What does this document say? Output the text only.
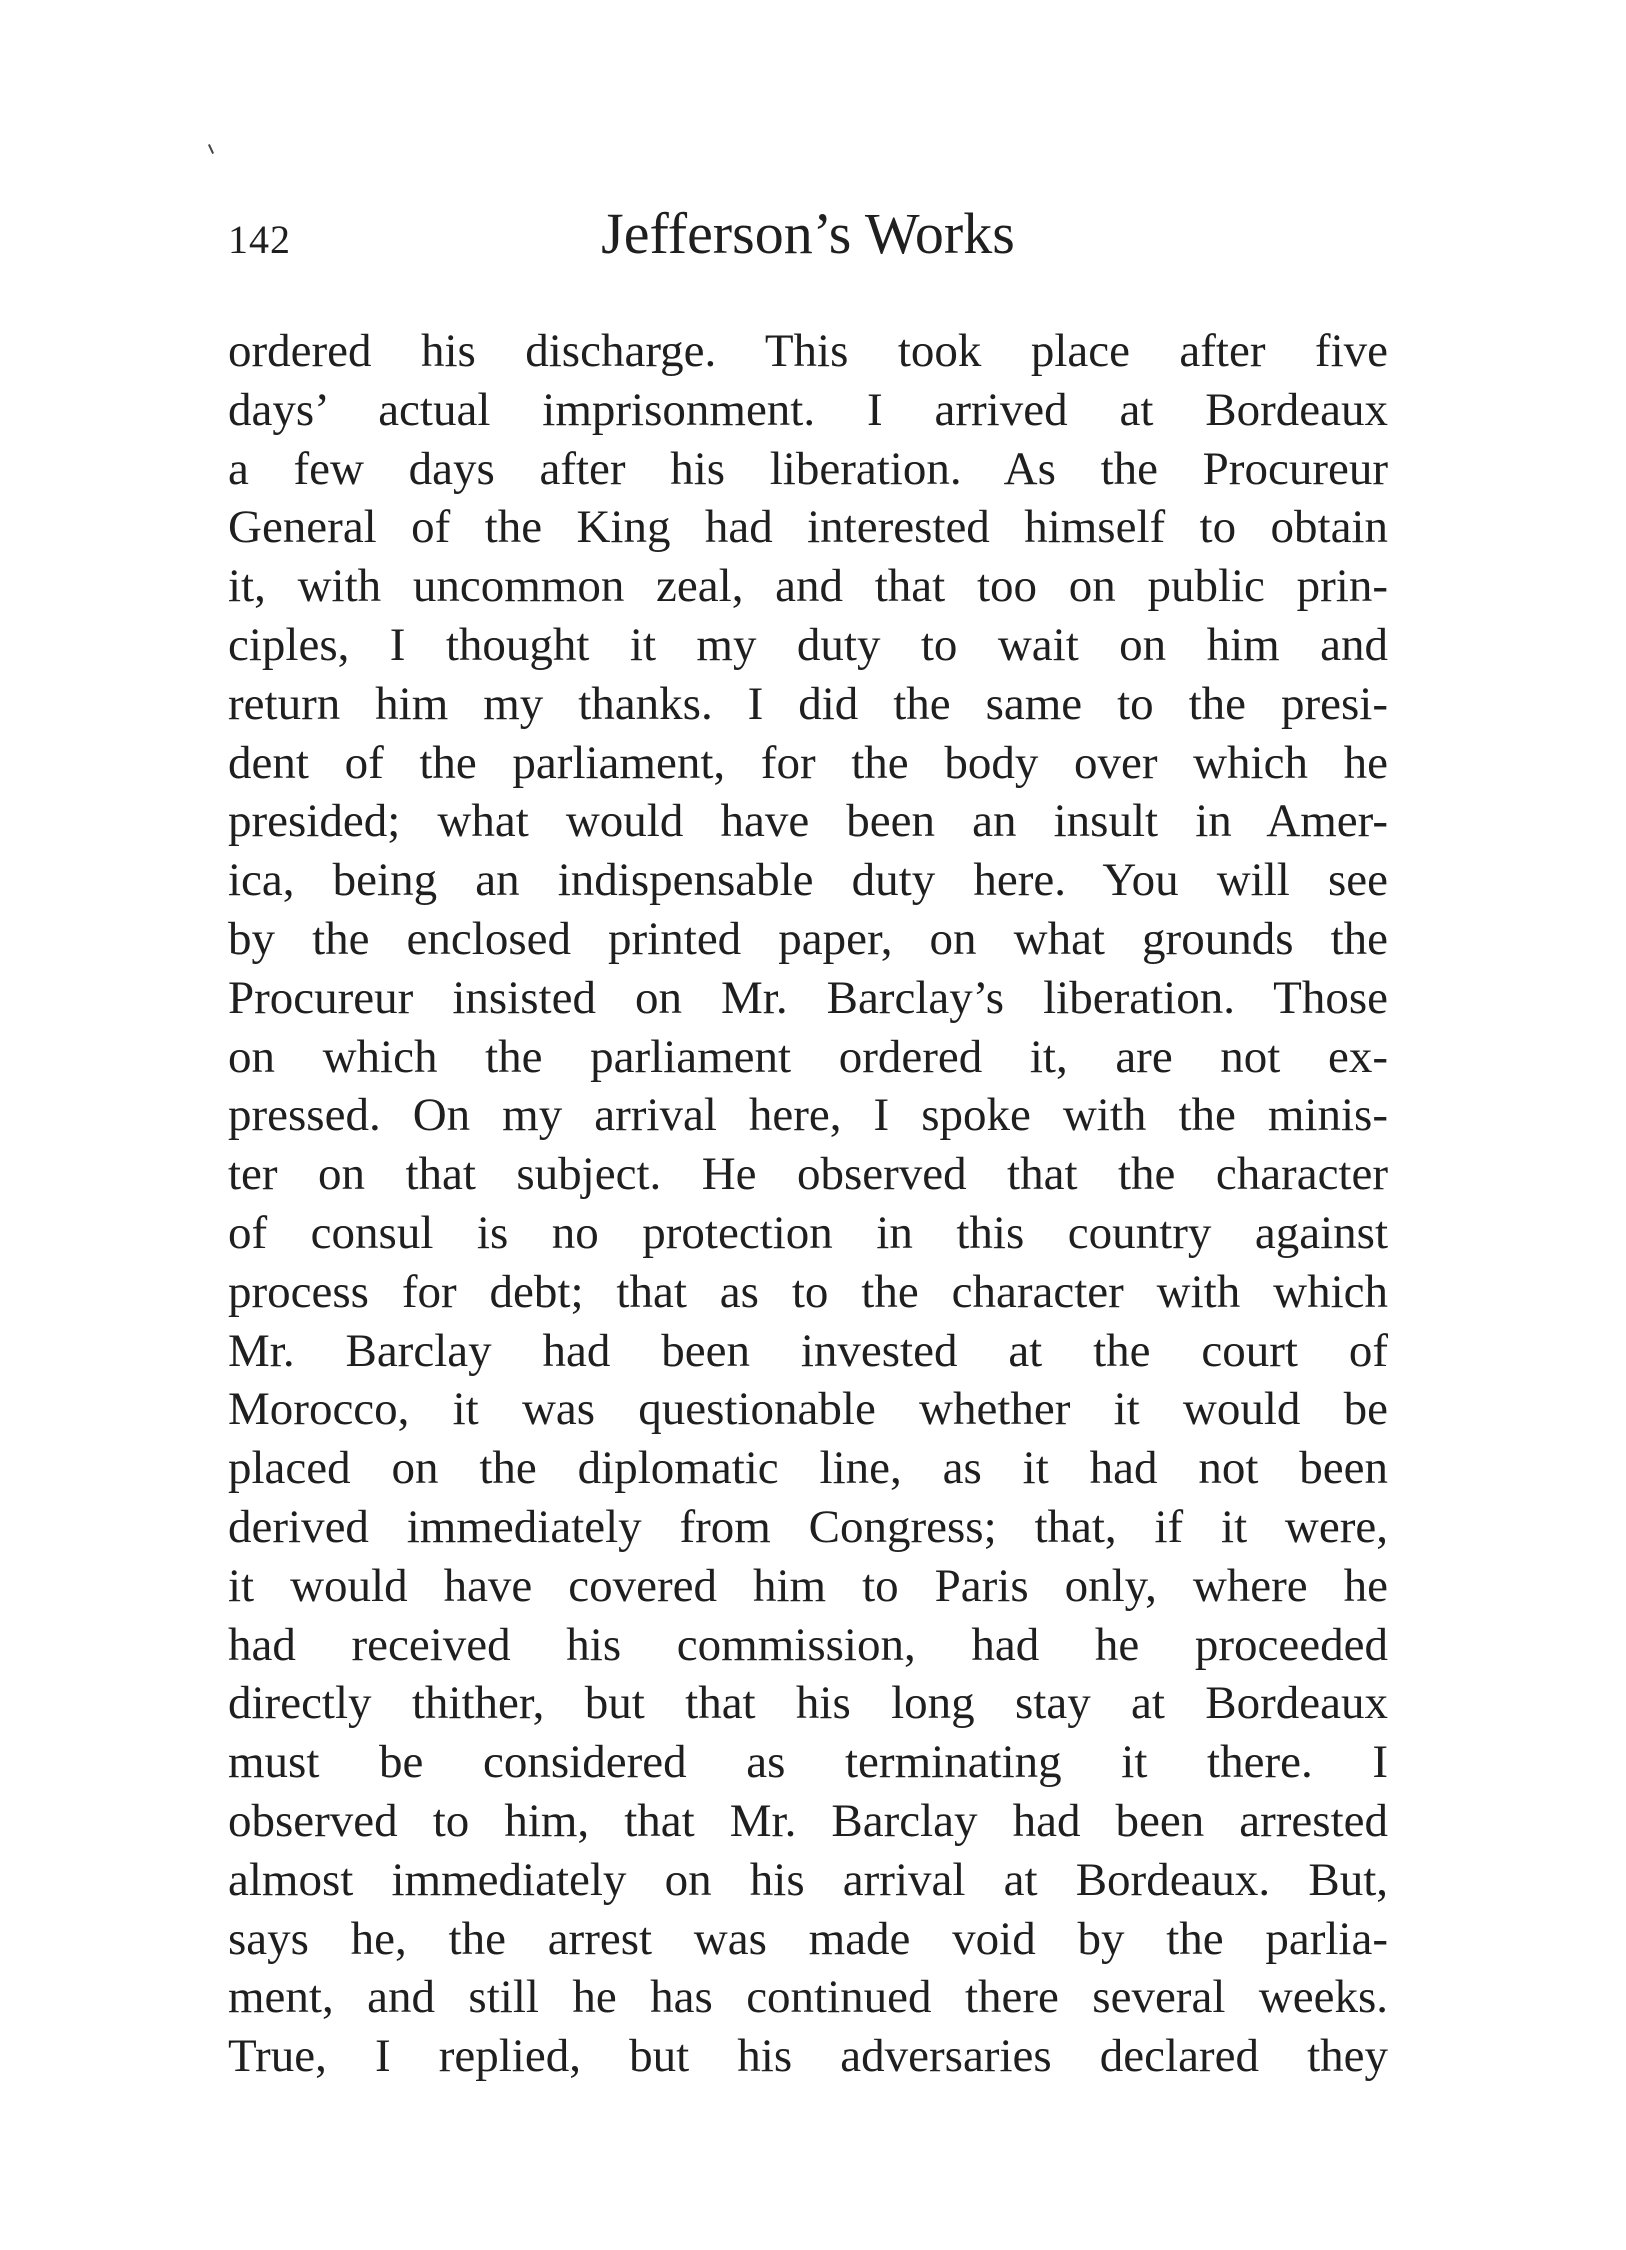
142	Jefferson’s Works
ordered his discharge. This took place after five
days’ actual imprisonment. I arrived at Bordeaux
a few days after his liberation. As the Procureur
General of the King had interested himself to obtain
it, with uncommon zeal, and that too on public prin-
ciples, I thought it my duty to wait on him and
return him my thanks. I did the same to the presi-
dent of the parliament, for the body over which he
presided; what would have been an insult in Amer-
ica, being an indispensable duty here. You will see
by the enclosed printed paper, on what grounds the
Procureur insisted on Mr. Barclay’s liberation. Those
on which the parliament ordered it, are not ex-
pressed. On my arrival here, I spoke with the minis-
ter on that subject. He observed that the character
of consul is no protection in this country against
process for debt; that as to the character with which
Mr. Barclay had been invested at the court of
Morocco, it was questionable whether it would be
placed on the diplomatic line, as it had not been
derived immediately from Congress; that, if it were,
it would have covered him to Paris only, where he
had received his commission, had he proceeded
directly thither, but that his long stay at Bordeaux
must be considered as terminating it there. I
observed to him, that Mr. Barclay had been arrested
almost immediately on his arrival at Bordeaux. But,
says he, the arrest was made void by the parlia-
ment, and still he has continued there several weeks.
True, I replied, but his adversaries declared they
